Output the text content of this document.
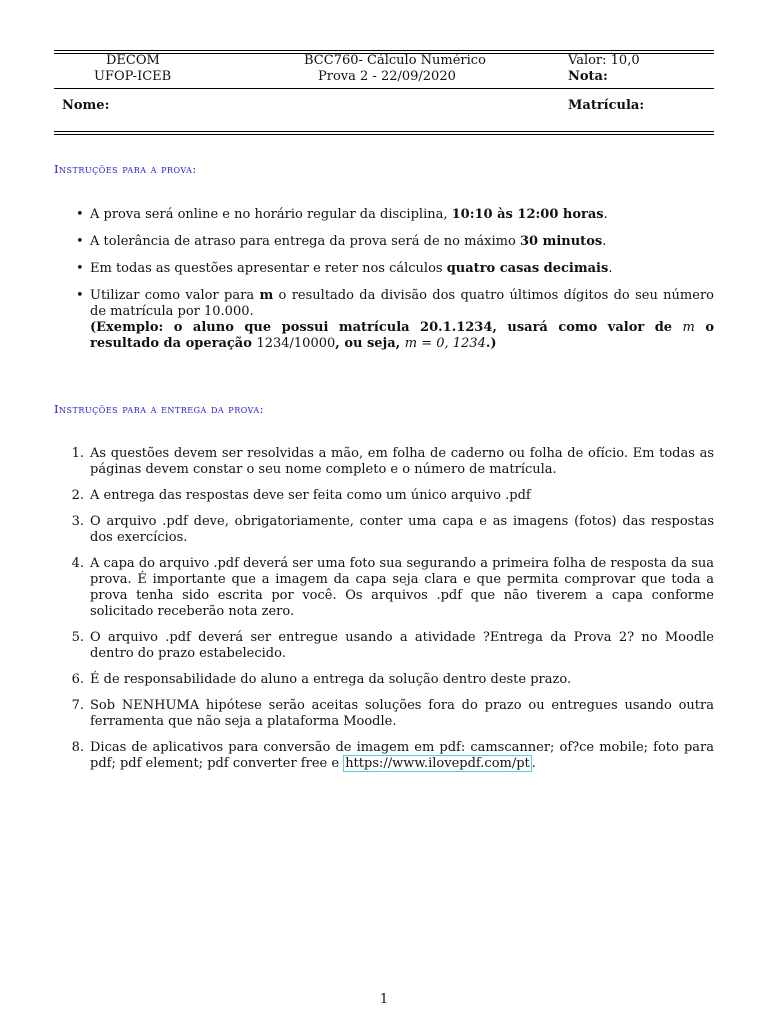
DECOM
UFOP-ICEB
BCC760- Cálculo Numérico
Prova 2 - 22/09/2020
Valor: 10,0
Nota:
Nome:	Matrícula:
Instruções para a prova:
• A prova será online e no horário regular da disciplina, 10:10 às 12:00 horas.
• A tolerância de atraso para entrega da prova será de no máximo 30 minutos.
• Em todas as questões apresentar e reter nos cálculos quatro casas decimais.
• Utilizar como valor para m o resultado da divisão dos quatro últimos dígitos do seu número de matrícula por 10.000.
(Exemplo: o aluno que possui matrícula 20.1.1234, usará como valor de m o resultado da operação 1234/10000, ou seja, m = 0, 1234.)
Instruções para a entrega da prova:
1. As questões devem ser resolvidas a mão, em folha de caderno ou folha de ofício. Em todas as páginas devem constar o seu nome completo e o número de matrícula.
2. A entrega das respostas deve ser feita como um único arquivo .pdf
3. O arquivo .pdf deve, obrigatoriamente, conter uma capa e as imagens (fotos) das respostas dos exercícios.
4. A capa do arquivo .pdf deverá ser uma foto sua segurando a primeira folha de resposta da sua prova. É importante que a imagem da capa seja clara e que permita comprovar que toda a prova tenha sido escrita por você. Os arquivos .pdf que não tiverem a capa conforme solicitado receberão nota zero.
5. O arquivo .pdf deverá ser entregue usando a atividade ?Entrega da Prova 2? no Moodle dentro do prazo estabelecido.
6. É de responsabilidade do aluno a entrega da solução dentro deste prazo.
7. Sob NENHUMA hipótese serão aceitas soluções fora do prazo ou entregues usando outra ferramenta que não seja a plataforma Moodle.
8. Dicas de aplicativos para conversão de imagem em pdf: camscanner; of?ce mobile; foto para pdf; pdf element; pdf converter free e https://www.ilovepdf.com/pt .
1
